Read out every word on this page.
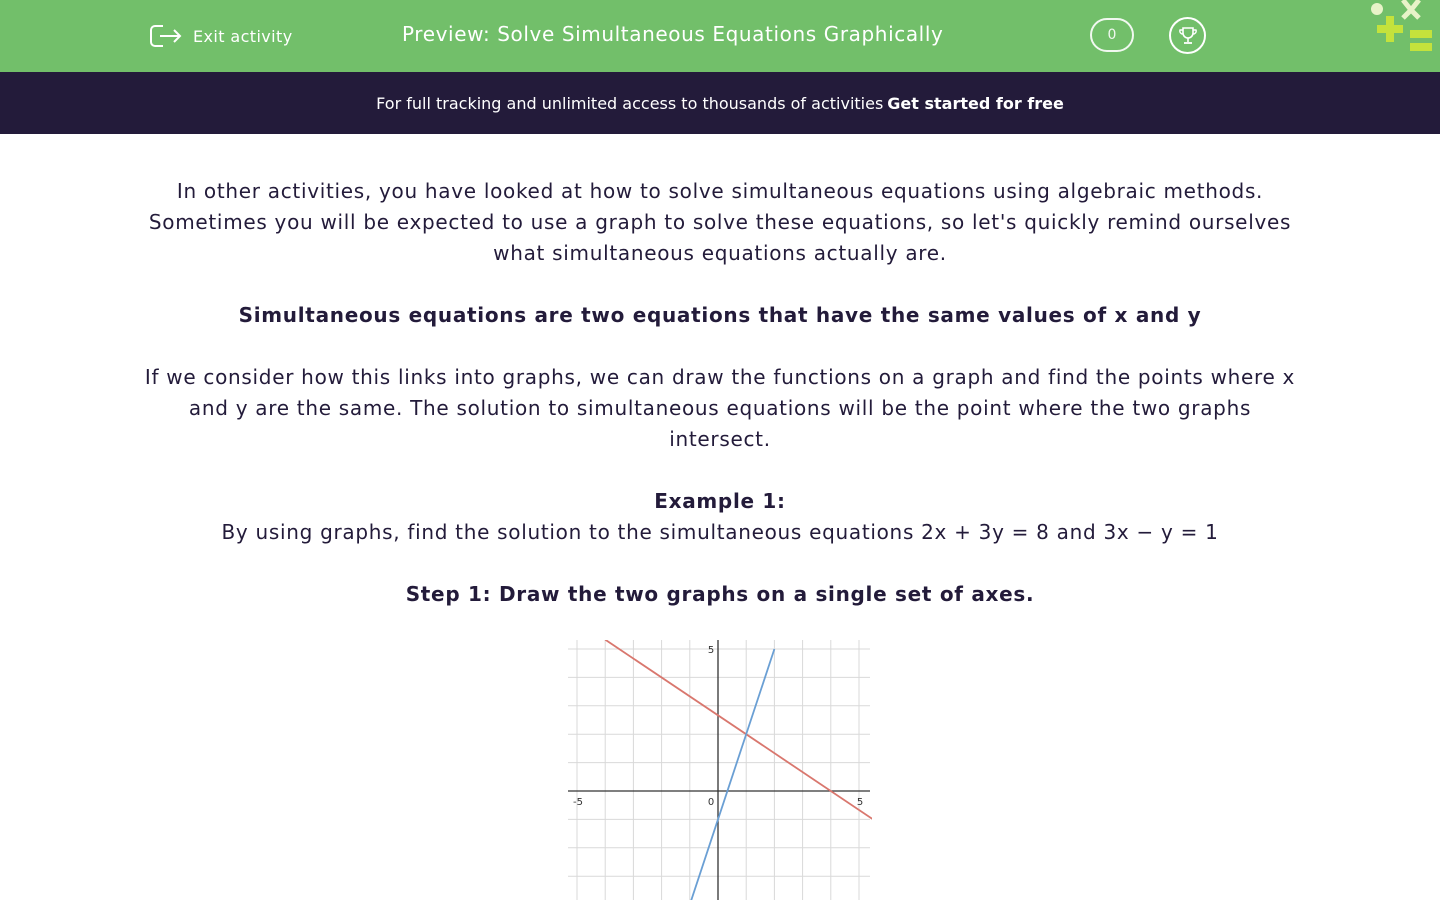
Exit activity	Preview: Solve Simultaneous Equations Graphically	0
For full tracking and unlimited access to thousands of activities Get started for free

In other activities, you have looked at how to solve simultaneous equations using algebraic methods. Sometimes you will be expected to use a graph to solve these equations, so let's quickly remind ourselves what simultaneous equations actually are.

Simultaneous equations are two equations that have the same values of x and y

If we consider how this links into graphs, we can draw the functions on a graph and find the points where x and y are the same. The solution to simultaneous equations will be the point where the two graphs intersect.

Example 1:
By using graphs, find the solution to the simultaneous equations 2x + 3y = 8 and 3x − y = 1

Step 1: Draw the two graphs on a single set of axes.

-5	0	5
5
